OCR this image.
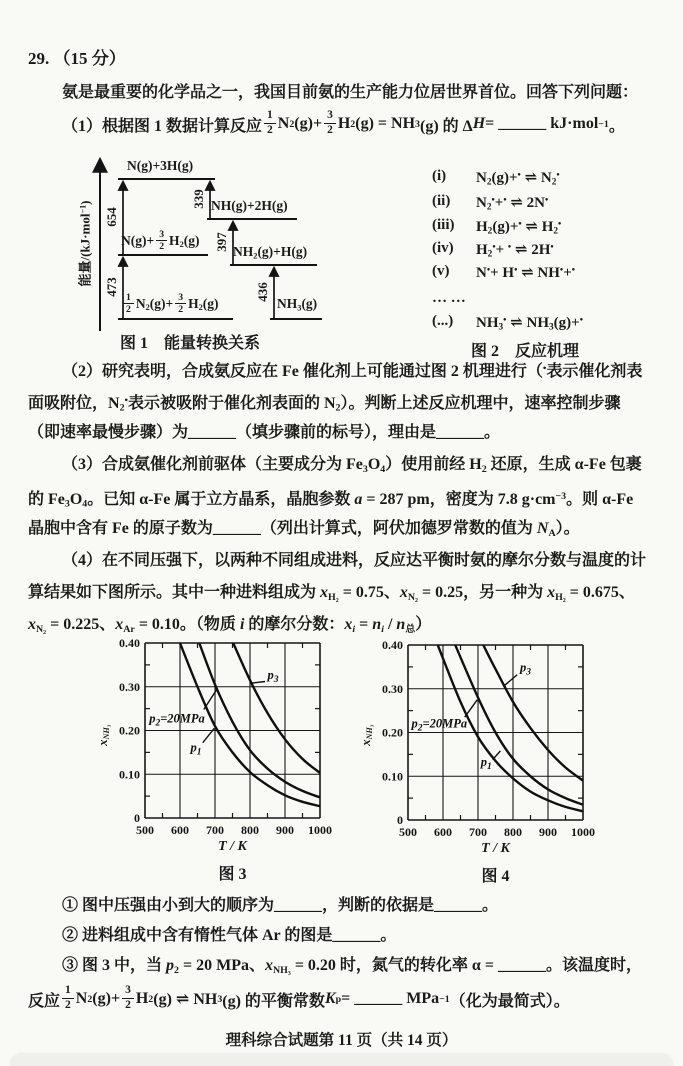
29. （15 分）
氨是最重要的化学品之一，我国目前氨的生产能力位居世界首位。回答下列问题：
（1）根据图 1 数据计算反应 $\frac{1}{2}$ N 2 $(g)+ \frac{3}{2}$ H 2 (g) = NH 3 (g) 的 Δ H = ______ kJ·mol −1 。
能量/(kJ·mol$^{-1}$)
N(g)+3H(g)
NH(g)+2H(g)
$N(g)+ \frac{3}{2} H_2(g)$
$NH_2(g)+H(g)$
$\frac{1}{2} N_2(g)+ \frac{3}{2} H_2(g)$	$NH_3(g)$
654
339
397
473	436
图 1　能量转换关系
(i)	$N_2(g)+^•$ ⇌ $N_2^•$
(ii)	$N_2^•+^•$ ⇌ 2N•
(iii)	$H_2(g)+^•$ ⇌ $H_2^•$
(iv)	$H_2^•+ ^•$ ⇌ 2H•
(v)	N•+ H• ⇌ NH•+•
… …
(...)	$NH_3^•$ ⇌ $NH_3(g)+^•$
图 2　反应机理
（2）研究表明，合成氨反应在 Fe 催化剂上可能通过图 2 机理进行（•表示催化剂表
面吸附位，$N_2^•$表示被吸附于催化剂表面的 $N_2$）。判断上述反应机理中，速率控制步骤
（即速率最慢步骤）为______（填步骤前的标号），理由是______。
（3）合成氨催化剂前驱体（主要成分为 $Fe_3O_4$）使用前经 $H_2$ 还原，生成 α-Fe 包裹
的 $Fe_3O_4$。已知 α-Fe 属于立方晶系，晶胞参数 a = 287 pm，密度为 7.8 $g\cdot cm^{-3}$。则 α-Fe
晶胞中含有 Fe 的原子数为______（列出计算式，阿伏加德罗常数的值为 $N_A$）。
（4）在不同压强下，以两种不同组成进料，反应达平衡时氨的摩尔分数与温度的计
算结果如下图所示。其中一种进料组成为 $x_{H_2} = 0.75$、$x_{N_2} = 0.25$，另一种为 $x_{H_2} = 0.675$、
$x_{N_2} = 0.225$、$x_{Ar} = 0.10$。（物质 i 的摩尔分数：$x_i = n_i / n_总$）
500 600 700 800 900 1000
0
0.10
0.20
0.30
0.40
$p_2=20MPa$
$p_1$
$p_3$
$x_{NH_3}$
T / K
图 3
500 600 700 800 900 1000
0
0.10
0.20
0.30
0.40
$p_2=20MPa$
$p_1$
$p_3$
$x_{NH_3}$
T / K
图 4
① 图中压强由小到大的顺序为______，判断的依据是______。
② 进料组成中含有惰性气体 Ar 的图是______。
③ 图 3 中，当 $p_2 = 20$ MPa、$x_{NH_3} = 0.20$ 时，氮气的转化率 α = ______。该温度时，
反应 $\frac{1}{2}$ N 2 $(g)+ \frac{3}{2}$ H 2 (g) ⇌ NH 3 (g) 的平衡常数 K p = ______ MPa −1 （化为最简式）。
理科综合试题第 11 页（共 14 页）
